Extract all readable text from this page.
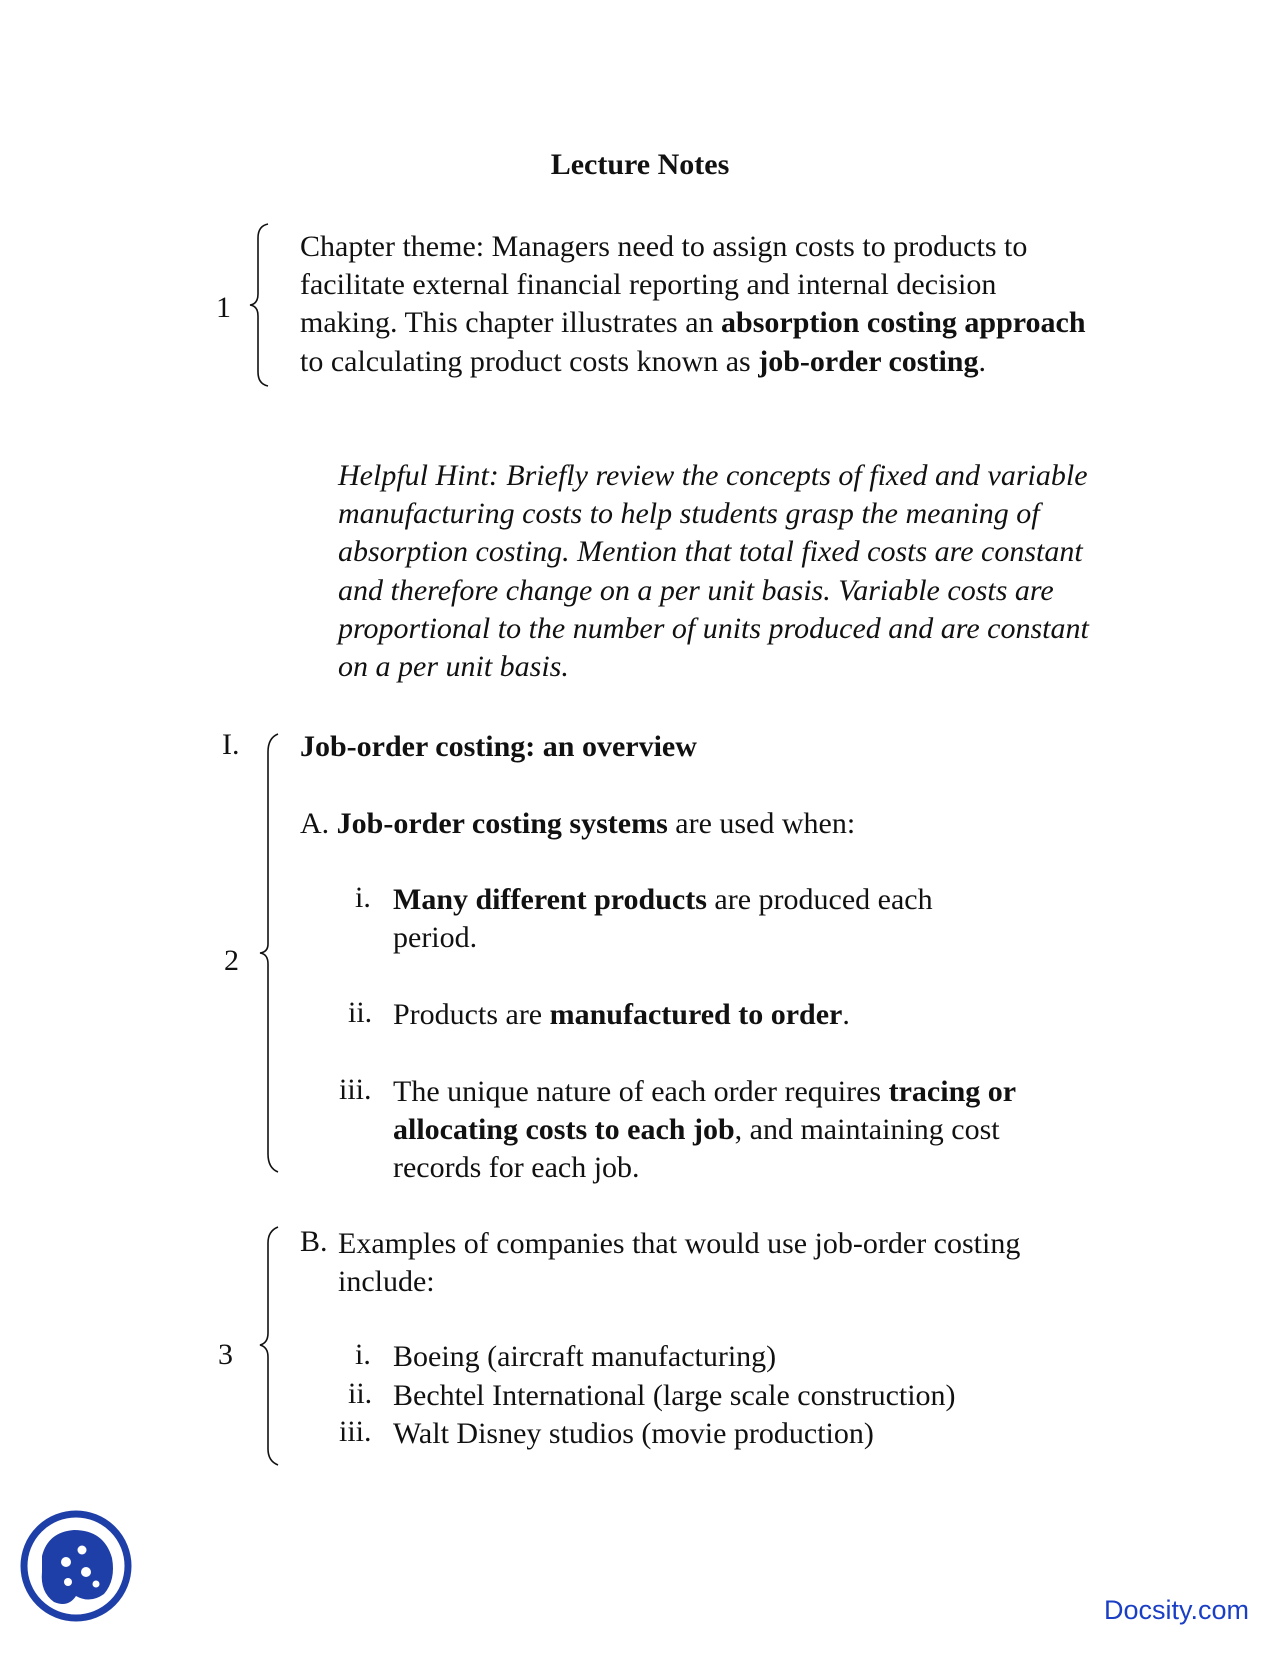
Lecture Notes
1
Chapter theme: Managers need to assign costs to products to facilitate external financial reporting and internal decision making. This chapter illustrates an absorption costing approach to calculating product costs known as job-order costing.
Helpful Hint: Briefly review the concepts of fixed and variable manufacturing costs to help students grasp the meaning of absorption costing. Mention that total fixed costs are constant and therefore change on a per unit basis. Variable costs are proportional to the number of units produced and are constant on a per unit basis.
I.
2
Job-order costing: an overview
A. Job-order costing systems are used when:
i. Many different products are produced each period.
ii. Products are manufactured to order.
iii. The unique nature of each order requires tracing or allocating costs to each job, and maintaining cost records for each job.
3
B. Examples of companies that would use job-order costing include:
i. Boeing (aircraft manufacturing)
ii. Bechtel International (large scale construction)
iii. Walt Disney studios (movie production)
Docsity.com
